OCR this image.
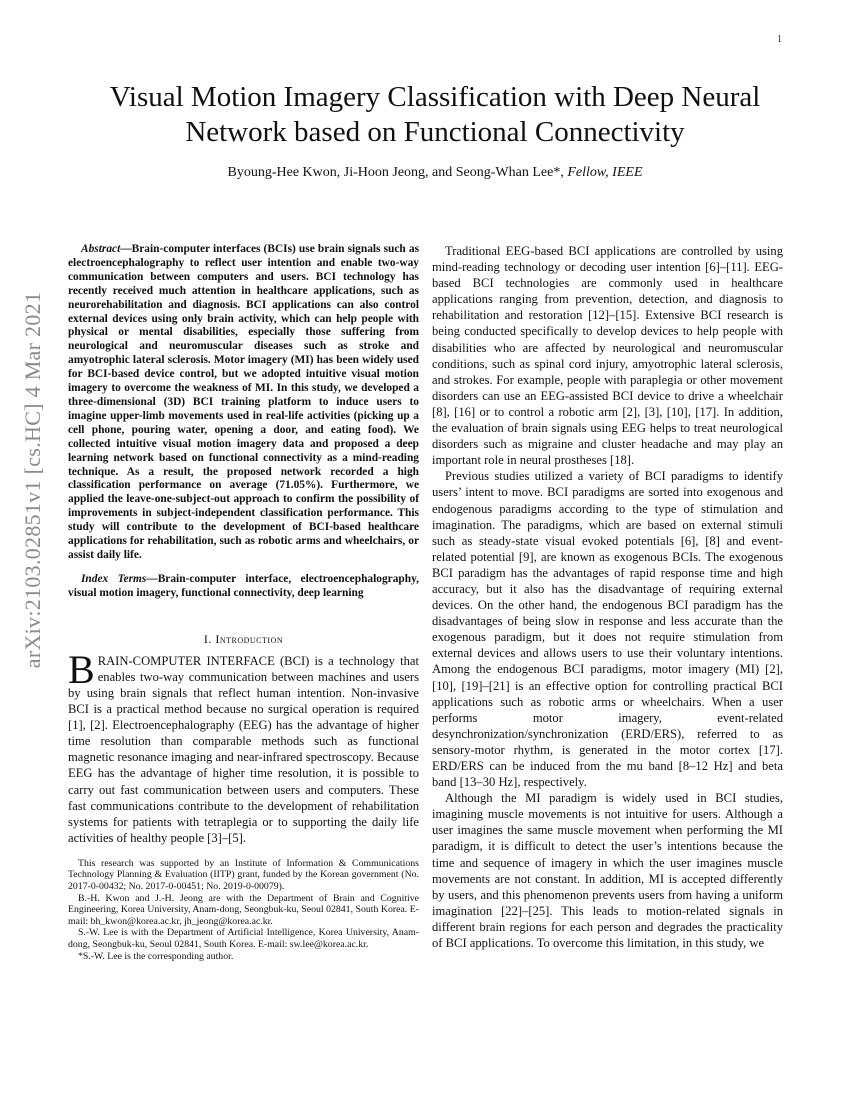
1
arXiv:2103.02851v1 [cs.HC] 4 Mar 2021
Visual Motion Imagery Classification with Deep Neural Network based on Functional Connectivity
Byoung-Hee Kwon, Ji-Hoon Jeong, and Seong-Whan Lee*, Fellow, IEEE

Abstract—Brain-computer interfaces (BCIs) use brain signals such as electroencephalography to reflect user intention and enable two-way communication between computers and users. BCI technology has recently received much attention in healthcare applications, such as neurorehabilitation and diagnosis. BCI applications can also control external devices using only brain activity, which can help people with physical or mental disabilities, especially those suffering from neurological and neuromuscular diseases such as stroke and amyotrophic lateral sclerosis. Motor imagery (MI) has been widely used for BCI-based device control, but we adopted intuitive visual motion imagery to overcome the weakness of MI. In this study, we developed a three-dimensional (3D) BCI training platform to induce users to imagine upper-limb movements used in real-life activities (picking up a cell phone, pouring water, opening a door, and eating food). We collected intuitive visual motion imagery data and proposed a deep learning network based on functional connectivity as a mind-reading technique. As a result, the proposed network recorded a high classification performance on average (71.05%). Furthermore, we applied the leave-one-subject-out approach to confirm the possibility of improvements in subject-independent classification performance. This study will contribute to the development of BCI-based healthcare applications for rehabilitation, such as robotic arms and wheelchairs, or assist daily life.

Index Terms—Brain-computer interface, electroencephalography, visual motion imagery, functional connectivity, deep learning

I. Introduction

BRAIN-COMPUTER INTERFACE (BCI) is a technology that enables two-way communication between machines and users by using brain signals that reflect human intention. Non-invasive BCI is a practical method because no surgical operation is required [1], [2]. Electroencephalography (EEG) has the advantage of higher time resolution than comparable methods such as functional magnetic resonance imaging and near-infrared spectroscopy. Because EEG has the advantage of higher time resolution, it is possible to carry out fast communication between users and computers. These fast communications contribute to the development of rehabilitation systems for patients with tetraplegia or to supporting the daily life activities of healthy people [3]–[5].

This research was supported by an Institute of Information & Communications Technology Planning & Evaluation (IITP) grant, funded by the Korean government (No. 2017-0-00432; No. 2017-0-00451; No. 2019-0-00079).

B.-H. Kwon and J.-H. Jeong are with the Department of Brain and Cognitive Engineering, Korea University, Anam-dong, Seongbuk-ku, Seoul 02841, South Korea. E-mail: bh_kwon@korea.ac.kr, jh_jeong@korea.ac.kr.

S.-W. Lee is with the Department of Artificial Intelligence, Korea University, Anam-dong, Seongbuk-ku, Seoul 02841, South Korea. E-mail: sw.lee@korea.ac.kr.

*S.-W. Lee is the corresponding author.

Traditional EEG-based BCI applications are controlled by using mind-reading technology or decoding user intention [6]–[11]. EEG-based BCI technologies are commonly used in healthcare applications ranging from prevention, detection, and diagnosis to rehabilitation and restoration [12]–[15]. Extensive BCI research is being conducted specifically to develop devices to help people with disabilities who are affected by neurological and neuromuscular conditions, such as spinal cord injury, amyotrophic lateral sclerosis, and strokes. For example, people with paraplegia or other movement disorders can use an EEG-assisted BCI device to drive a wheelchair [8], [16] or to control a robotic arm [2], [3], [10], [17]. In addition, the evaluation of brain signals using EEG helps to treat neurological disorders such as migraine and cluster headache and may play an important role in neural prostheses [18].

Previous studies utilized a variety of BCI paradigms to identify users’ intent to move. BCI paradigms are sorted into exogenous and endogenous paradigms according to the type of stimulation and imagination. The paradigms, which are based on external stimuli such as steady-state visual evoked potentials [6], [8] and event-related potential [9], are known as exogenous BCIs. The exogenous BCI paradigm has the advantages of rapid response time and high accuracy, but it also has the disadvantage of requiring external devices. On the other hand, the endogenous BCI paradigm has the disadvantages of being slow in response and less accurate than the exogenous paradigm, but it does not require stimulation from external devices and allows users to use their voluntary intentions. Among the endogenous BCI paradigms, motor imagery (MI) [2], [10], [19]–[21] is an effective option for controlling practical BCI applications such as robotic arms or wheelchairs. When a user performs motor imagery, event-related desynchronization/synchronization (ERD/ERS), referred to as sensory-motor rhythm, is generated in the motor cortex [17]. ERD/ERS can be induced from the mu band [8–12 Hz] and beta band [13–30 Hz], respectively.

Although the MI paradigm is widely used in BCI studies, imagining muscle movements is not intuitive for users. Although a user imagines the same muscle movement when performing the MI paradigm, it is difficult to detect the user’s intentions because the time and sequence of imagery in which the user imagines muscle movements are not constant. In addition, MI is accepted differently by users, and this phenomenon prevents users from having a uniform imagination [22]–[25]. This leads to motion-related signals in different brain regions for each person and degrades the practicality of BCI applications. To overcome this limitation, in this study, we
